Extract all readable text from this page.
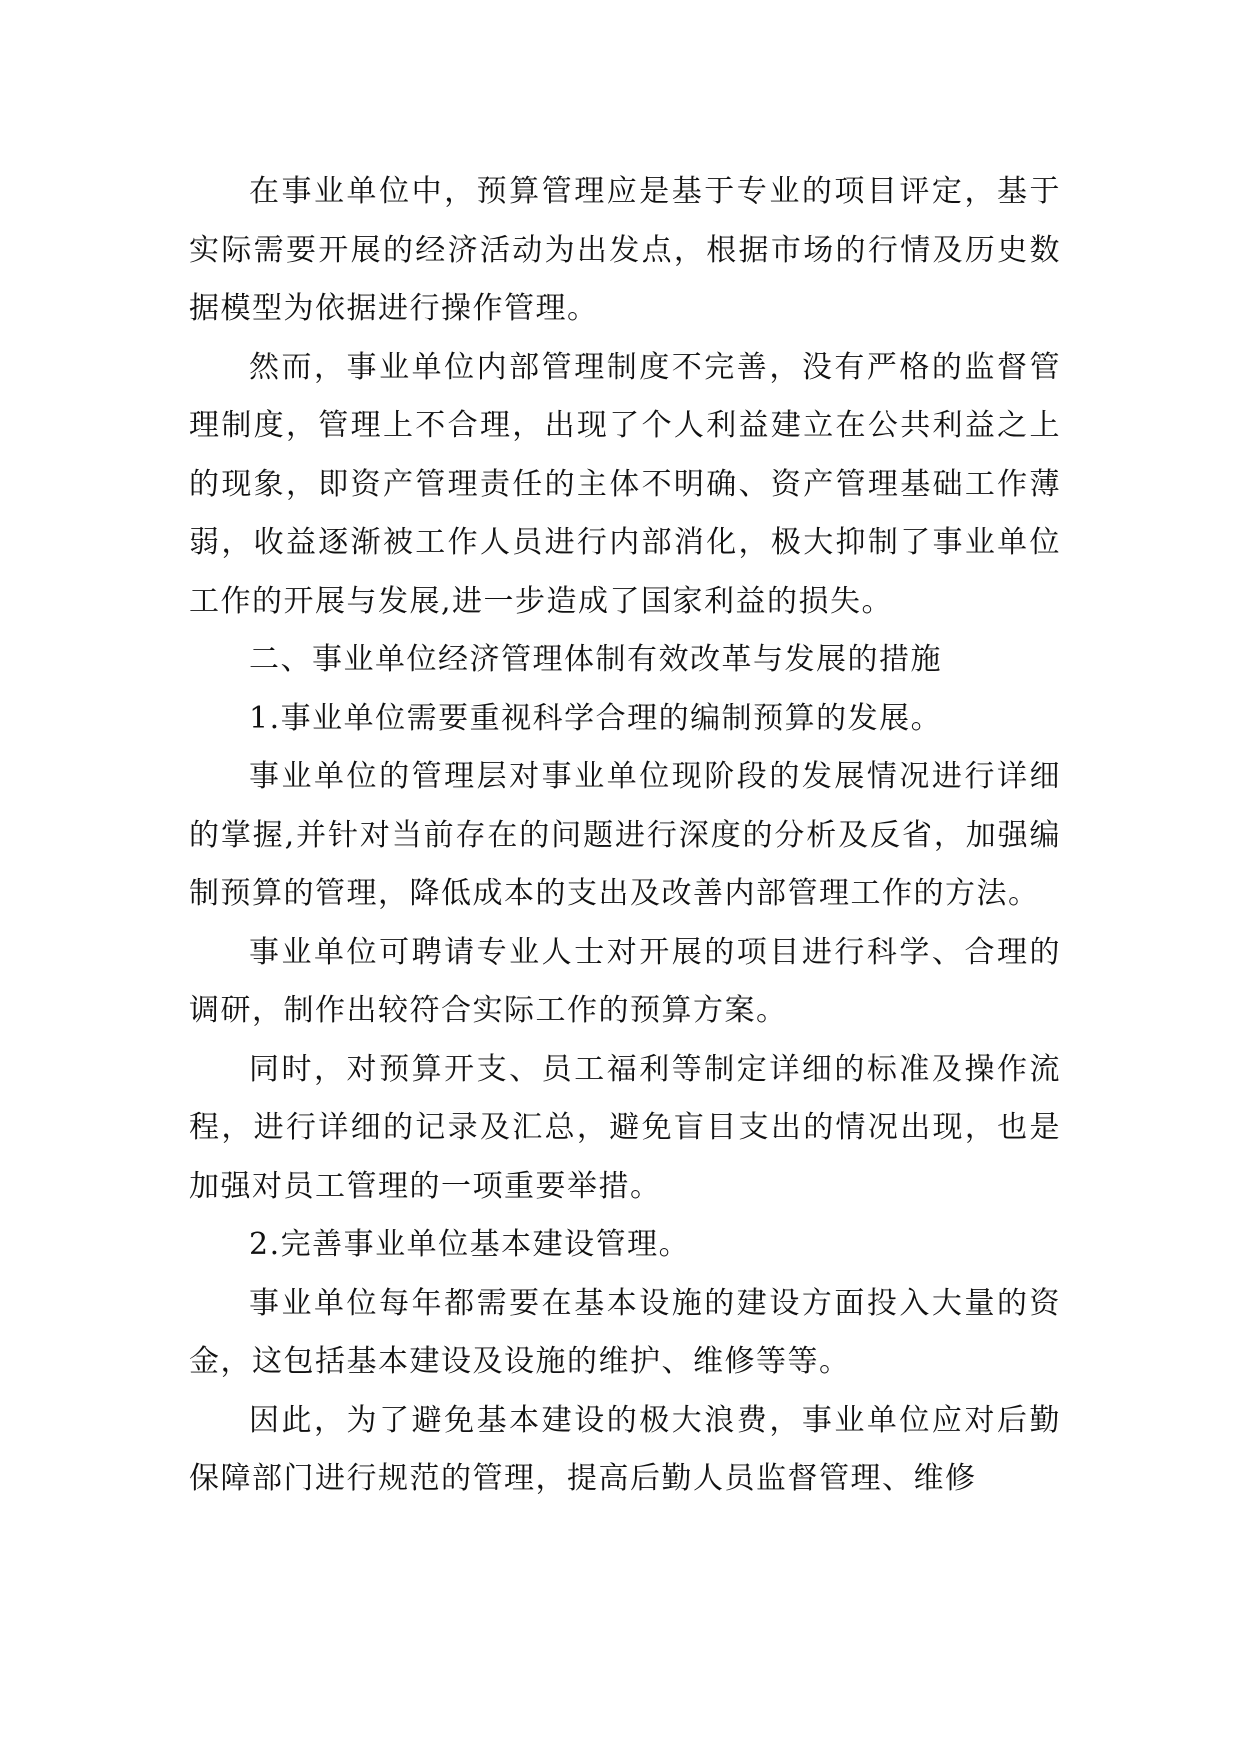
在事业单位中，预算管理应是基于专业的项目评定，基于实际需要开展的经济活动为出发点，根据市场的行情及历史数据模型为依据进行操作管理。

然而，事业单位内部管理制度不完善，没有严格的监督管理制度，管理上不合理，出现了个人利益建立在公共利益之上的现象，即资产管理责任的主体不明确、资产管理基础工作薄弱，收益逐渐被工作人员进行内部消化，极大抑制了事业单位工作的开展与发展,进一步造成了国家利益的损失。

二、事业单位经济管理体制有效改革与发展的措施

1.事业单位需要重视科学合理的编制预算的发展。

事业单位的管理层对事业单位现阶段的发展情况进行详细的掌握,并针对当前存在的问题进行深度的分析及反省，加强编制预算的管理，降低成本的支出及改善内部管理工作的方法。

事业单位可聘请专业人士对开展的项目进行科学、合理的调研，制作出较符合实际工作的预算方案。

同时，对预算开支、员工福利等制定详细的标准及操作流程，进行详细的记录及汇总，避免盲目支出的情况出现，也是加强对员工管理的一项重要举措。

2.完善事业单位基本建设管理。

事业单位每年都需要在基本设施的建设方面投入大量的资金，这包括基本建设及设施的维护、维修等等。

因此，为了避免基本建设的极大浪费，事业单位应对后勤保障部门进行规范的管理，提高后勤人员监督管理、维修
